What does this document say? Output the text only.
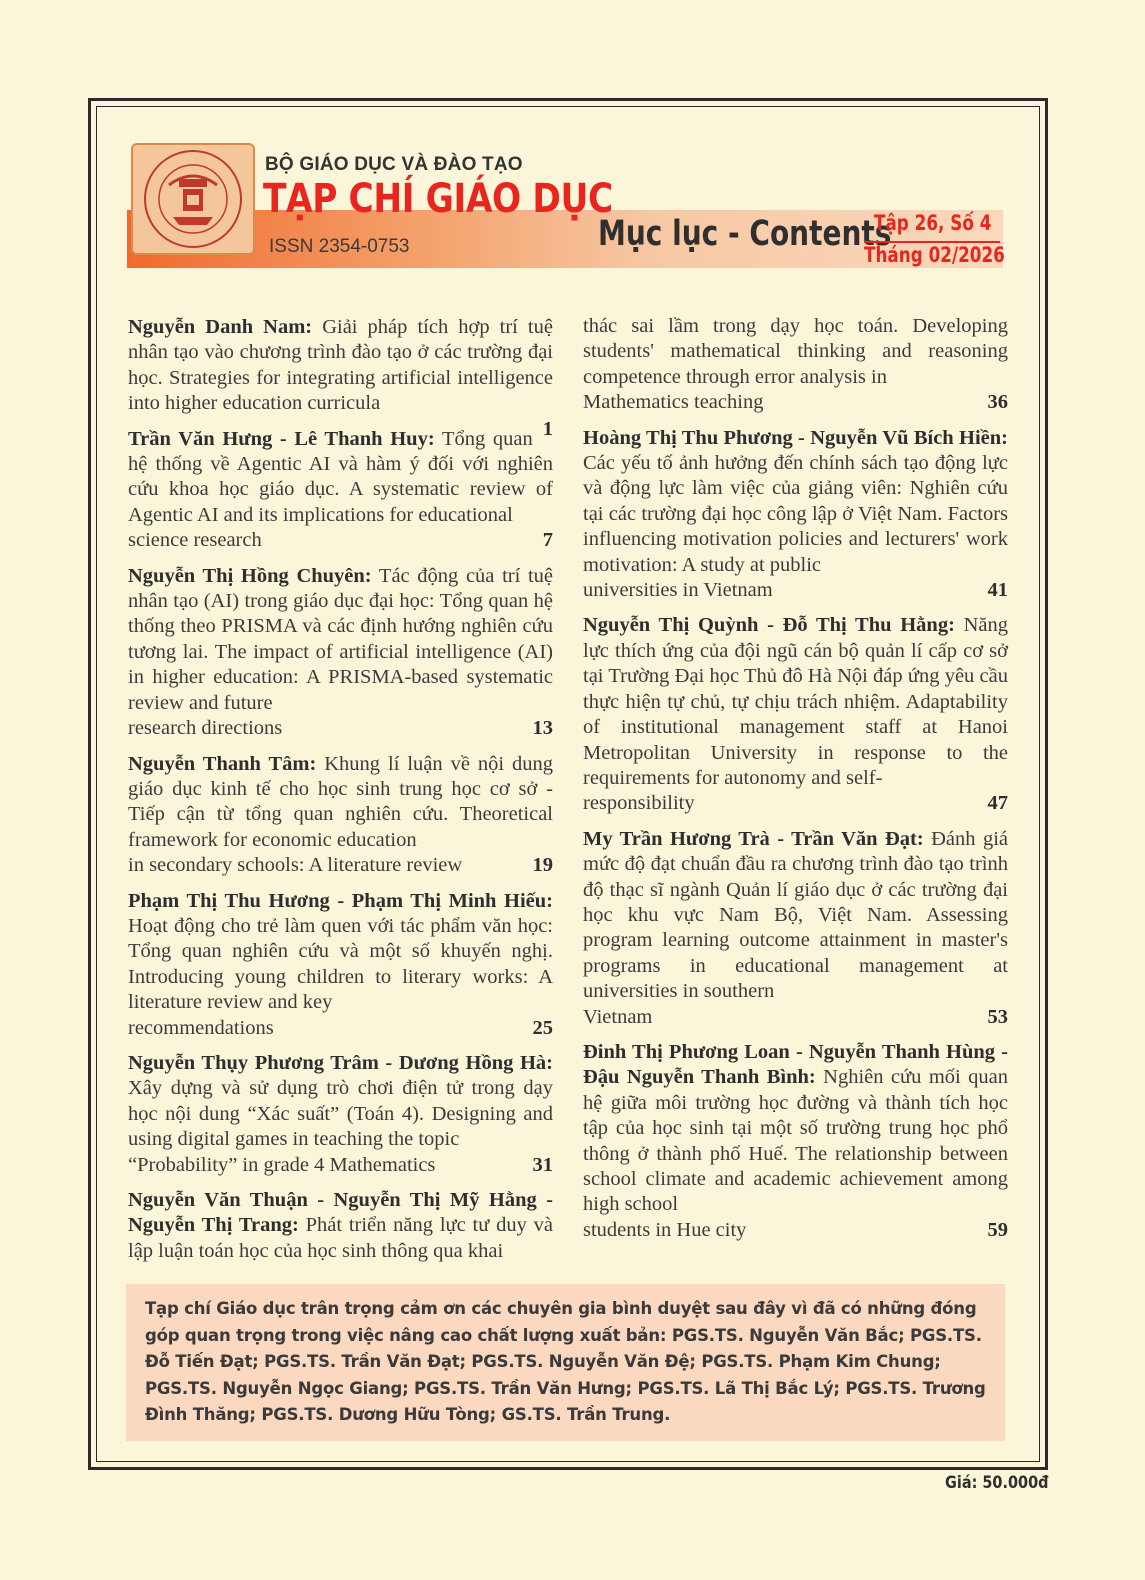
BỘ GIÁO DỤC VÀ ĐÀO TẠO
TẠP CHÍ GIÁO DỤC
ISSN 2354-0753	Mục lục - Contents
Tập 26, Số 4
Tháng 02/2026
Nguyễn Danh Nam: Giải pháp tích hợp trí tuệ nhân tạo vào chương trình đào tạo ở các trường đại học. Strategies for integrating artificial intelligence into higher education curricula
1
Trần Văn Hưng - Lê Thanh Huy: Tổng quan hệ thống về Agentic AI và hàm ý đối với nghiên cứu khoa học giáo dục. A systematic review of Agentic AI and its implications for educational
7
science research
Nguyễn Thị Hồng Chuyên: Tác động của trí tuệ nhân tạo (AI) trong giáo dục đại học: Tổng quan hệ thống theo PRISMA và các định hướng nghiên cứu tương lai. The impact of artificial intelligence (AI) in higher education: A PRISMA-based systematic review and future
13
research directions
Nguyễn Thanh Tâm: Khung lí luận về nội dung giáo dục kinh tế cho học sinh trung học cơ sở - Tiếp cận từ tổng quan nghiên cứu. Theoretical framework for economic education
19
in secondary schools: A literature review
Phạm Thị Thu Hương - Phạm Thị Minh Hiếu: Hoạt động cho trẻ làm quen với tác phẩm văn học: Tổng quan nghiên cứu và một số khuyến nghị. Introducing young children to literary works: A literature review and key
25
recommendations
Nguyễn Thụy Phương Trâm - Dương Hồng Hà: Xây dựng và sử dụng trò chơi điện tử trong dạy học nội dung “Xác suất” (Toán 4). Designing and using digital games in teaching the topic
31
“Probability” in grade 4 Mathematics
Nguyễn Văn Thuận - Nguyễn Thị Mỹ Hằng - Nguyễn Thị Trang: Phát triển năng lực tư duy và lập luận toán học của học sinh thông qua khai
thác sai lầm trong dạy học toán. Developing students' mathematical thinking and reasoning competence through error analysis in
36
Mathematics teaching
Hoàng Thị Thu Phương - Nguyễn Vũ Bích Hiền: Các yếu tố ảnh hưởng đến chính sách tạo động lực và động lực làm việc của giảng viên: Nghiên cứu tại các trường đại học công lập ở Việt Nam. Factors influencing motivation policies and lecturers' work motivation: A study at public
41
universities in Vietnam
Nguyễn Thị Quỳnh - Đỗ Thị Thu Hằng: Năng lực thích ứng của đội ngũ cán bộ quản lí cấp cơ sở tại Trường Đại học Thủ đô Hà Nội đáp ứng yêu cầu thực hiện tự chủ, tự chịu trách nhiệm. Adaptability of institutional management staff at Hanoi Metropolitan University in response to the requirements for autonomy and self-
47
responsibility
My Trần Hương Trà - Trần Văn Đạt: Đánh giá mức độ đạt chuẩn đầu ra chương trình đào tạo trình độ thạc sĩ ngành Quản lí giáo dục ở các trường đại học khu vực Nam Bộ, Việt Nam. Assessing program learning outcome attainment in master's programs in educational management at universities in southern
53
Vietnam
Đinh Thị Phương Loan - Nguyễn Thanh Hùng - Đậu Nguyễn Thanh Bình: Nghiên cứu mối quan hệ giữa môi trường học đường và thành tích học tập của học sinh tại một số trường trung học phổ thông ở thành phố Huế. The relationship between school climate and academic achievement among high school
59
students in Hue city
Tạp chí Giáo dục trân trọng cảm ơn các chuyên gia bình duyệt sau đây vì đã có những đóng góp quan trọng trong việc nâng cao chất lượng xuất bản: PGS.TS. Nguyễn Văn Bắc; PGS.TS. Đỗ Tiến Đạt; PGS.TS. Trần Văn Đạt; PGS.TS. Nguyễn Văn Đệ; PGS.TS. Phạm Kim Chung; PGS.TS. Nguyễn Ngọc Giang; PGS.TS. Trần Văn Hưng; PGS.TS. Lã Thị Bắc Lý; PGS.TS. Trương Đình Thăng; PGS.TS. Dương Hữu Tòng; GS.TS. Trần Trung.
Giá: 50.000đ
